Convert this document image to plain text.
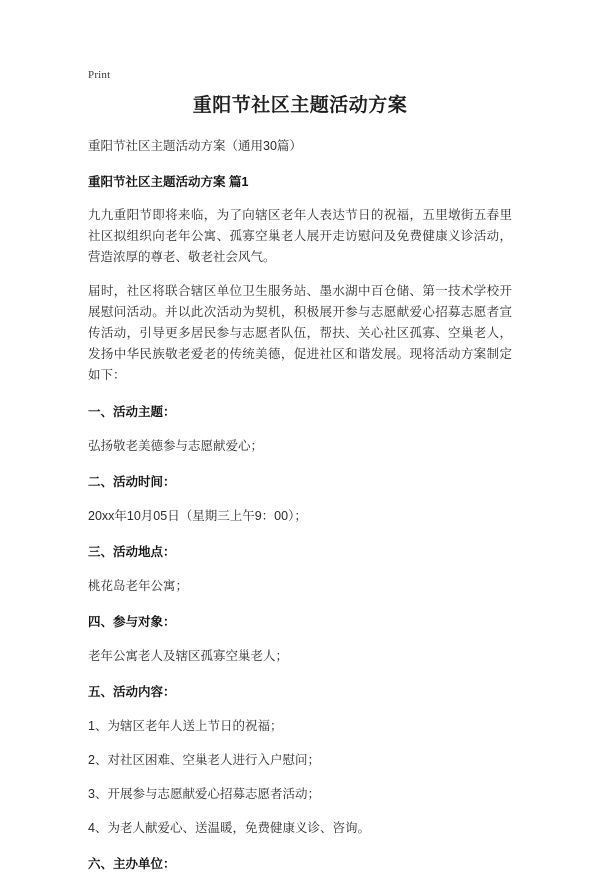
Print
重阳节社区主题活动方案

重阳节社区主题活动方案（通用30篇）

重阳节社区主题活动方案 篇1

九九重阳节即将来临，为了向辖区老年人表达节日的祝福，五里墩街五春里社区拟组织向老年公寓、孤寡空巢老人展开走访慰问及免费健康义诊活动，营造浓厚的尊老、敬老社会风气。

届时，社区将联合辖区单位卫生服务站、墨水湖中百仓储、第一技术学校开展慰问活动。并以此次活动为契机，积极展开参与志愿献爱心招募志愿者宣传活动，引导更多居民参与志愿者队伍，帮扶、关心社区孤寡、空巢老人，发扬中华民族敬老爱老的传统美德，促进社区和谐发展。现将活动方案制定如下：

一、活动主题：

弘扬敬老美德参与志愿献爱心；

二、活动时间：

20xx年10月05日（星期三上午9：00）；

三、活动地点：

桃花岛老年公寓；

四、参与对象：

老年公寓老人及辖区孤寡空巢老人；

五、活动内容：

1、为辖区老年人送上节日的祝福；

2、对社区困难、空巢老人进行入户慰问；

3、开展参与志愿献爱心招募志愿者活动；

4、为老人献爱心、送温暖，免费健康义诊、咨询。

六、主办单位：
